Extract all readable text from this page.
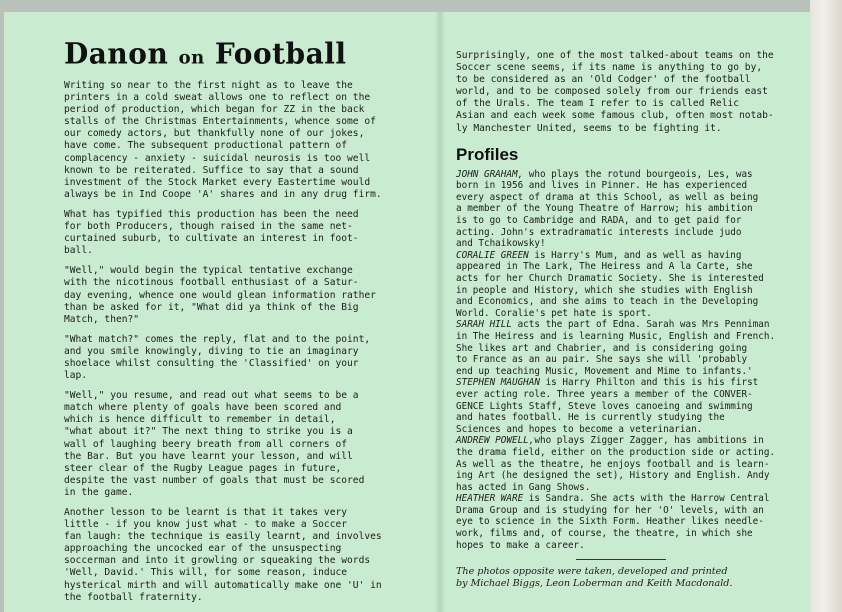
Danon on Football

Writing so near to the first night as to leave the
printers in a cold sweat allows one to reflect on the
period of production, which began for ZZ in the back
stalls of the Christmas Entertainments, whence some of
our comedy actors, but thankfully none of our jokes,
have come. The subsequent productional pattern of
complacency - anxiety - suicidal neurosis is too well
known to be reiterated. Suffice to say that a sound
investment of the Stock Market every Eastertime would
always be in Ind Coope 'A' shares and in any drug firm.

What has typified this production has been the need
for both Producers, though raised in the same net-
curtained suburb, to cultivate an interest in foot-
ball.

"Well," would begin the typical tentative exchange
with the nicotinous football enthusiast of a Satur-
day evening, whence one would glean information rather
than be asked for it, "What did ya think of the Big
Match, then?"

"What match?" comes the reply, flat and to the point,
and you smile knowingly, diving to tie an imaginary
shoelace whilst consulting the 'Classified' on your
lap.

"Well," you resume, and read out what seems to be a
match where plenty of goals have been scored and
which is hence difficult to remember in detail,
"what about it?" The next thing to strike you is a
wall of laughing beery breath from all corners of
the Bar. But you have learnt your lesson, and will
steer clear of the Rugby League pages in future,
despite the vast number of goals that must be scored
in the game.

Another lesson to be learnt is that it takes very
little - if you know just what - to make a Soccer
fan laugh: the technique is easily learnt, and involves
approaching the uncocked ear of the unsuspecting
soccerman and into it growling or squeaking the words
'Well, David.' This will, for some reason, induce
hysterical mirth and will automatically make one 'U' in
the football fraternity.

Surprisingly, one of the most talked-about teams on the
Soccer scene seems, if its name is anything to go by,
to be considered as an 'Old Codger' of the football
world, and to be composed solely from our friends east
of the Urals. The team I refer to is called Relic
Asian and each week some famous club, often most notab-
ly Manchester United, seems to be fighting it.

Profiles

JOHN GRAHAM, who plays the rotund bourgeois, Les, was
born in 1956 and lives in Pinner. He has experienced
every aspect of drama at this School, as well as being
a member of the Young Theatre of Harrow; his ambition
is to go to Cambridge and RADA, and to get paid for
acting. John's extradramatic interests include judo
and Tchaikowsky!

CORALIE GREEN is Harry's Mum, and as well as having
appeared in The Lark, The Heiress and A la Carte, she
acts for her Church Dramatic Society. She is interested
in people and History, which she studies with English
and Economics, and she aims to teach in the Developing
World. Coralie's pet hate is sport.

SARAH HILL acts the part of Edna. Sarah was Mrs Penniman
in The Heiress and is learning Music, English and French.
She likes art and Chabrier, and is considering going
to France as an au pair. She says she will 'probably
end up teaching Music, Movement and Mime to infants.'

STEPHEN MAUGHAN is Harry Philton and this is his first
ever acting role. Three years a member of the CONVER-
GENCE Lights Staff, Steve loves canoeing and swimming
and hates football. He is currently studying the
Sciences and hopes to become a veterinarian.

ANDREW POWELL,who plays Zigger Zagger, has ambitions in
the drama field, either on the production side or acting.
As well as the theatre, he enjoys football and is learn-
ing Art (he designed the set), History and English. Andy
has acted in Gang Shows.

HEATHER WARE is Sandra. She acts with the Harrow Central
Drama Group and is studying for her 'O' levels, with an
eye to science in the Sixth Form. Heather likes needle-
work, films and, of course, the theatre, in which she
hopes to make a career.

The photos opposite were taken, developed and printed
by Michael Biggs, Leon Loberman and Keith Macdonald.
